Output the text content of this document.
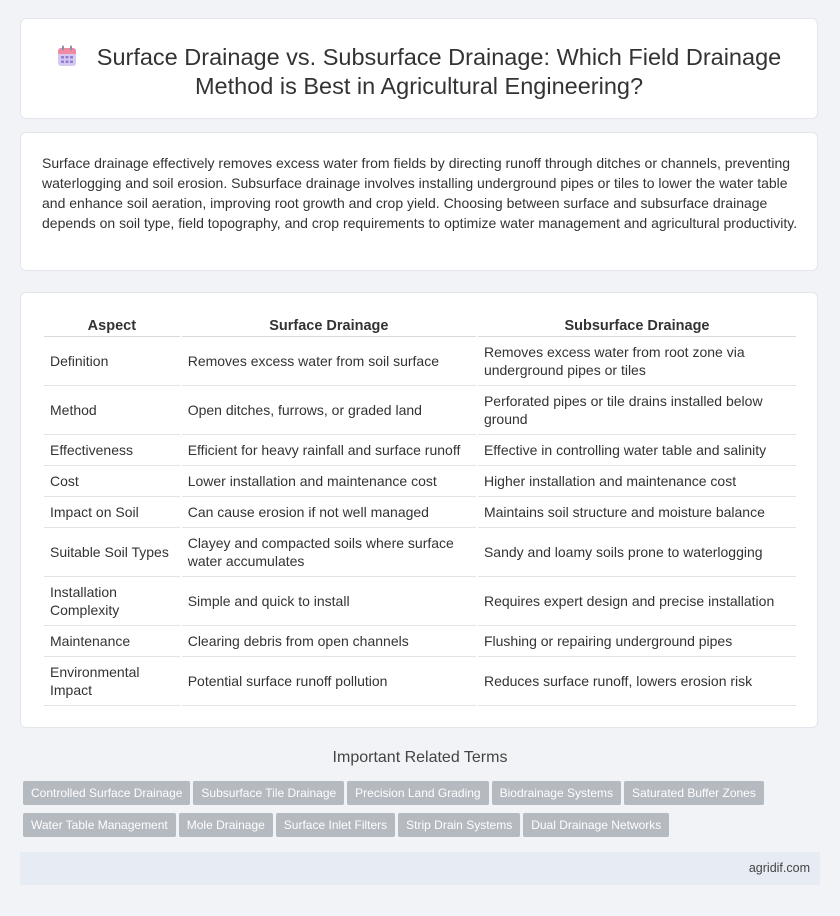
Surface Drainage vs. Subsurface Drainage: Which Field Drainage
Method is Best in Agricultural Engineering?

Surface drainage effectively removes excess water from fields by directing runoff through ditches or channels, preventing waterlogging and soil erosion. Subsurface drainage involves installing underground pipes or tiles to lower the water table and enhance soil aeration, improving root growth and crop yield. Choosing between surface and subsurface drainage depends on soil type, field topography, and crop requirements to optimize water management and agricultural productivity.

Aspect	Surface Drainage	Subsurface Drainage
Definition	Removes excess water from soil surface	Removes excess water from root zone via underground pipes or tiles
Method	Open ditches, furrows, or graded land	Perforated pipes or tile drains installed below ground
Effectiveness	Efficient for heavy rainfall and surface runoff	Effective in controlling water table and salinity
Cost	Lower installation and maintenance cost	Higher installation and maintenance cost
Impact on Soil	Can cause erosion if not well managed	Maintains soil structure and moisture balance
Suitable Soil Types	Clayey and compacted soils where surface water accumulates	Sandy and loamy soils prone to waterlogging
Installation Complexity	Simple and quick to install	Requires expert design and precise installation
Maintenance	Clearing debris from open channels	Flushing or repairing underground pipes
Environmental Impact	Potential surface runoff pollution	Reduces surface runoff, lowers erosion risk
Important Related Terms
Controlled Surface Drainage Subsurface Tile Drainage Precision Land Grading Biodrainage Systems Saturated Buffer Zones
Water Table Management Mole Drainage Surface Inlet Filters Strip Drain Systems Dual Drainage Networks
agridif.com
